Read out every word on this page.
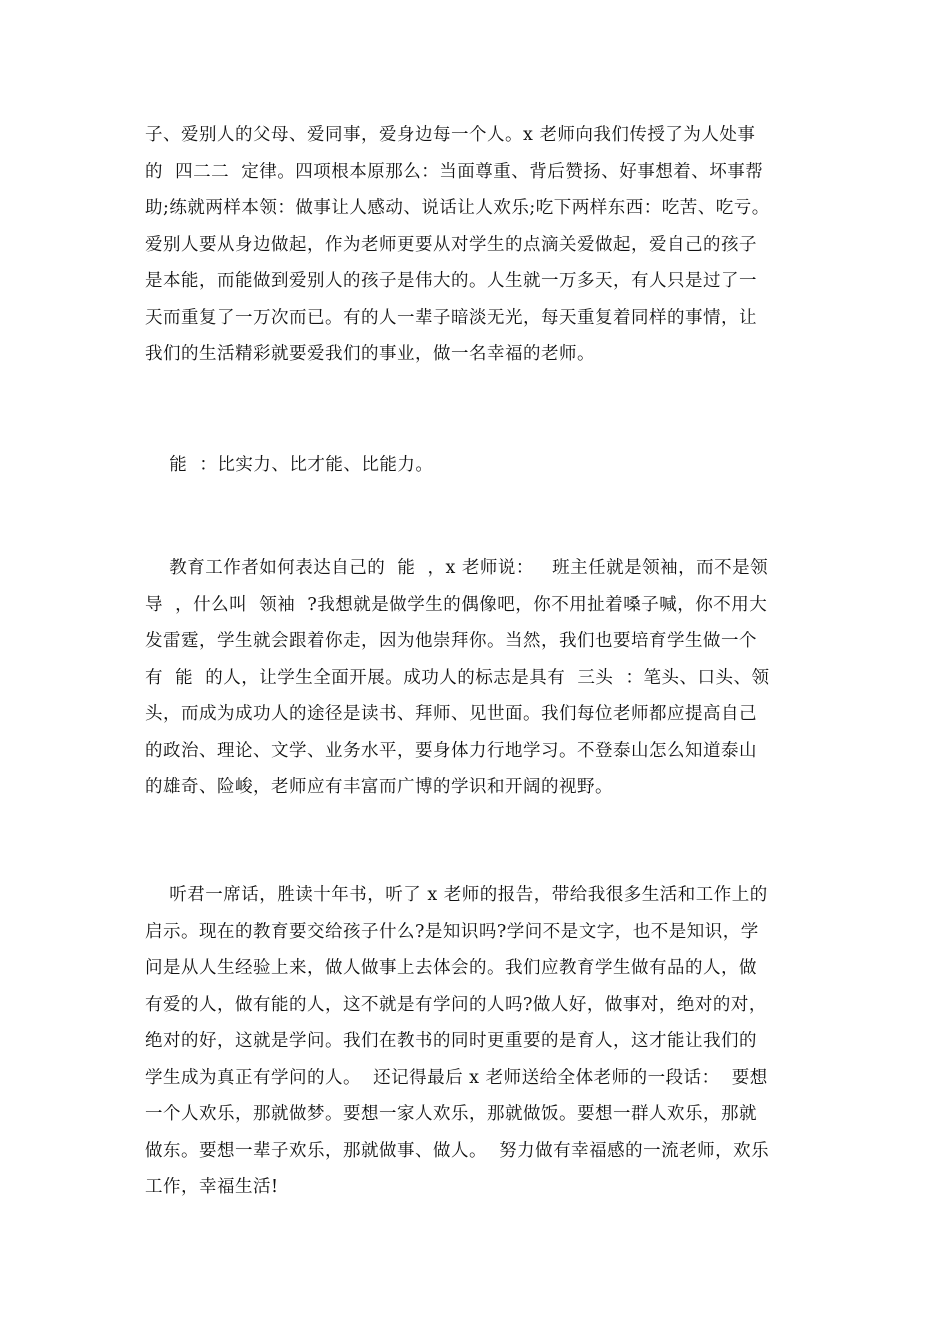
子、爱别人的父母、爱同事，爱身边每一个人。x 老师向我们传授了为人处事
的  四二二  定律。四项根本原那么：当面尊重、背后赞扬、好事想着、坏事帮
助;练就两样本领：做事让人感动、说话让人欢乐;吃下两样东西：吃苦、吃亏。
爱别人要从身边做起，作为老师更要从对学生的点滴关爱做起，爱自己的孩子
是本能，而能做到爱别人的孩子是伟大的。人生就一万多天，有人只是过了一
天而重复了一万次而已。有的人一辈子暗淡无光，每天重复着同样的事情，让
我们的生活精彩就要爱我们的事业，做一名幸福的老师。
能  ：比实力、比才能、比能力。
教育工作者如何表达自己的  能  ，x 老师说：   班主任就是领袖，而不是领
导  ，什么叫  领袖  ?我想就是做学生的偶像吧，你不用扯着嗓子喊，你不用大
发雷霆，学生就会跟着你走，因为他崇拜你。当然，我们也要培育学生做一个
有  能  的人，让学生全面开展。成功人的标志是具有  三头  ：笔头、口头、领
头，而成为成功人的途径是读书、拜师、见世面。我们每位老师都应提高自己
的政治、理论、文学、业务水平，要身体力行地学习。不登泰山怎么知道泰山
的雄奇、险峻，老师应有丰富而广博的学识和开阔的视野。
听君一席话，胜读十年书，听了 x 老师的报告，带给我很多生活和工作上的
启示。现在的教育要交给孩子什么?是知识吗?学问不是文字，也不是知识，学
问是从人生经验上来，做人做事上去体会的。我们应教育学生做有品的人，做
有爱的人，做有能的人，这不就是有学问的人吗?做人好，做事对，绝对的对，
绝对的好，这就是学问。我们在教书的同时更重要的是育人，这才能让我们的
学生成为真正有学问的人。  还记得最后 x 老师送给全体老师的一段话：  要想
一个人欢乐，那就做梦。要想一家人欢乐，那就做饭。要想一群人欢乐，那就
做东。要想一辈子欢乐，那就做事、做人。  努力做有幸福感的一流老师，欢乐
工作，幸福生活!
